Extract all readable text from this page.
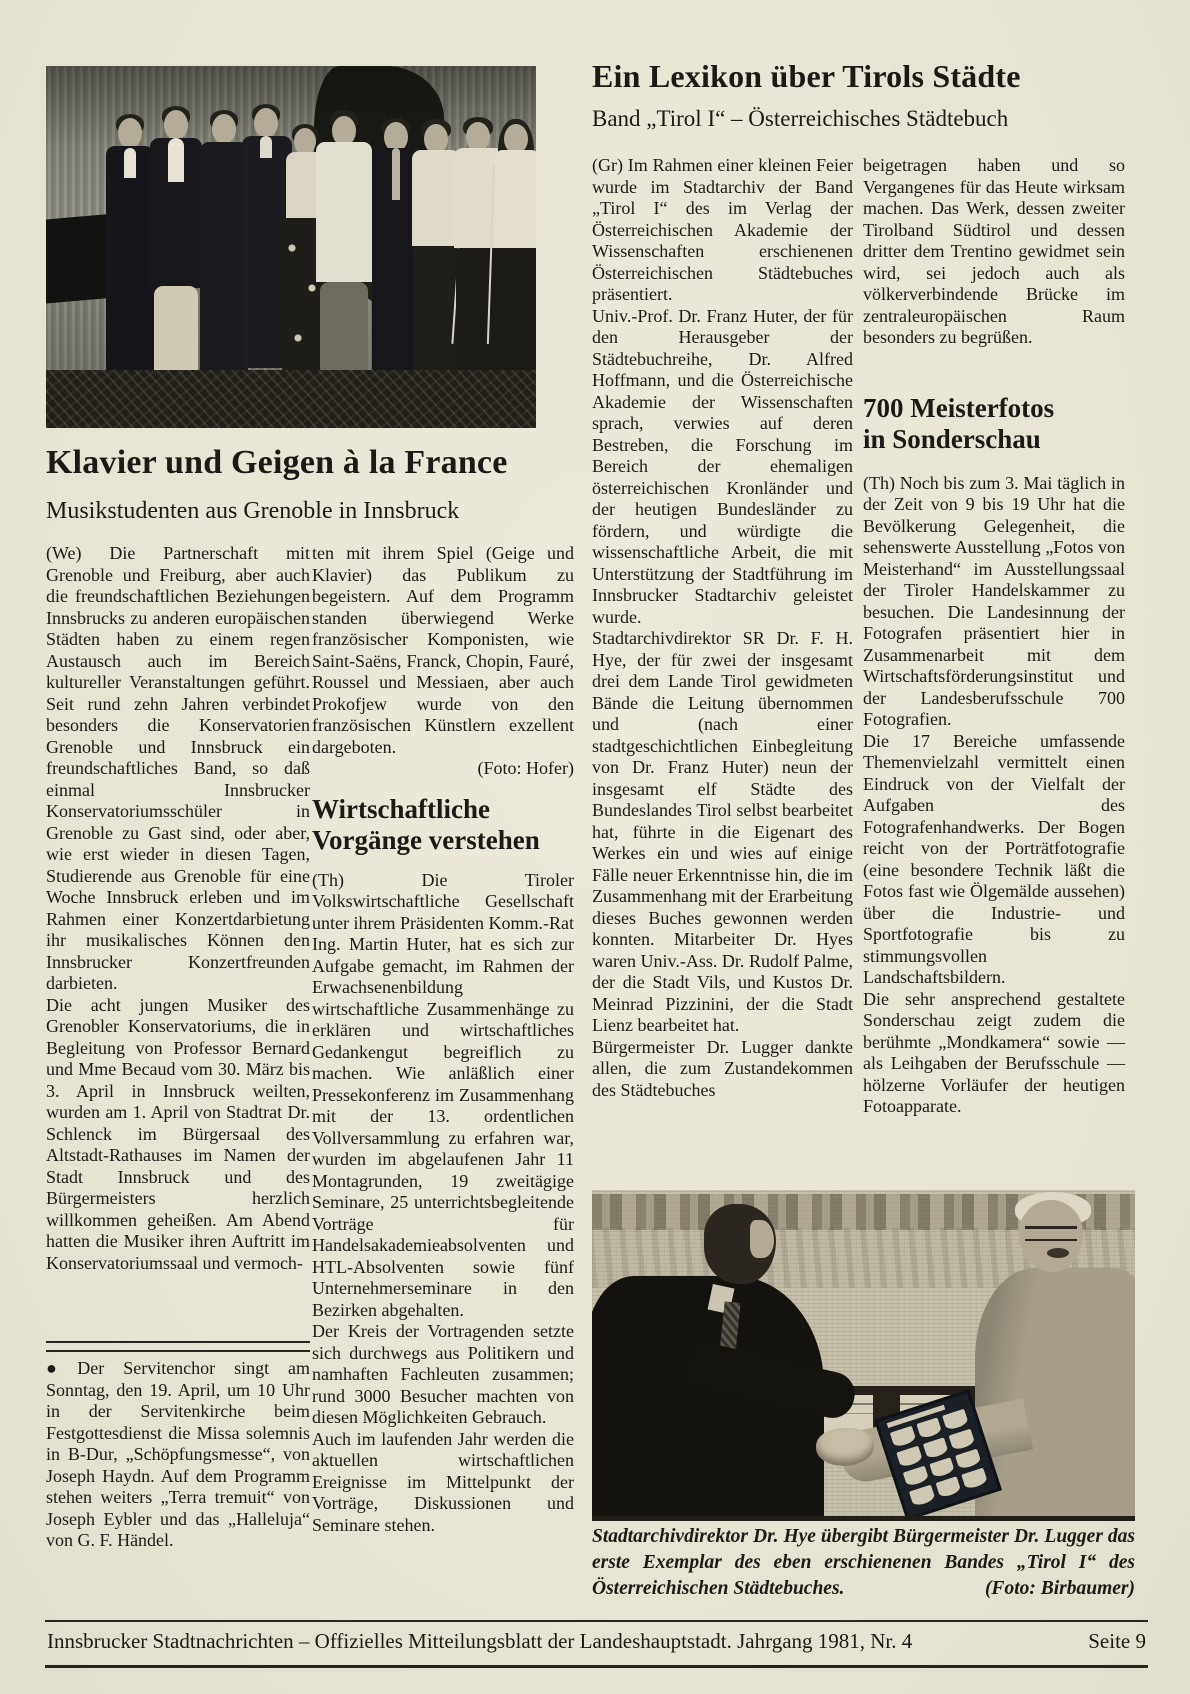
Klavier und Geigen à la France
Musikstudenten aus Grenoble in Innsbruck

(We) Die Partnerschaft mit Grenoble und Freiburg, aber auch die freundschaftlichen Beziehungen Innsbrucks zu anderen europäischen Städten haben zu einem regen Austausch auch im Bereich kultureller Veranstaltungen geführt. Seit rund zehn Jahren verbindet besonders die Konservatorien Grenoble und Innsbruck ein freundschaftliches Band, so daß einmal Innsbrucker Konservatoriumsschüler in Grenoble zu Gast sind, oder aber, wie erst wieder in diesen Tagen, Studierende aus Grenoble für eine Woche Innsbruck erleben und im Rahmen einer Konzertdarbietung ihr musikalisches Können den Innsbrucker Konzertfreunden darbieten.

Die acht jungen Musiker des Grenobler Konservatoriums, die in Begleitung von Professor Bernard und Mme Becaud vom 30. März bis 3. April in Innsbruck weilten, wurden am 1. April von Stadtrat Dr. Schlenck im Bürgersaal des Altstadt-Rathauses im Namen der Stadt Innsbruck und des Bürgermeisters herzlich willkommen geheißen. Am Abend hatten die Musiker ihren Auftritt im Konservatoriumssaal und vermoch-

● Der Servitenchor singt am Sonntag, den 19. April, um 10 Uhr in der Servitenkirche beim Festgottesdienst die Missa solemnis in B-Dur, „Schöpfungsmesse“, von Joseph Haydn. Auf dem Programm stehen weiters „Terra tremuit“ von Joseph Eybler und das „Halleluja“ von G. F. Händel.

ten mit ihrem Spiel (Geige und Klavier) das Publikum zu begeistern. Auf dem Programm standen überwiegend Werke französischer Komponisten, wie Saint-Saëns, Franck, Chopin, Fauré, Roussel und Messiaen, aber auch Prokofjew wurde von den französischen Künstlern exzellent dargeboten.

(Foto: Hofer)

Wirtschaftliche
Vorgänge verstehen

(Th) Die Tiroler Volkswirtschaftliche Gesellschaft unter ihrem Präsidenten Komm.-Rat Ing. Martin Huter, hat es sich zur Aufgabe gemacht, im Rahmen der Erwachsenenbildung wirtschaftliche Zusammenhänge zu erklären und wirtschaftliches Gedankengut begreiflich zu machen. Wie anläßlich einer Pressekonferenz im Zusammenhang mit der 13. ordentlichen Vollversammlung zu erfahren war, wurden im abgelaufenen Jahr 11 Montagrunden, 19 zweitägige Seminare, 25 unterrichtsbegleitende Vorträge für Handelsakademieabsolventen und HTL-Absolventen sowie fünf Unternehmerseminare in den Bezirken abgehalten.

Der Kreis der Vortragenden setzte sich durchwegs aus Politikern und namhaften Fachleuten zusammen; rund 3000 Besucher machten von diesen Möglichkeiten Gebrauch.

Auch im laufenden Jahr werden die aktuellen wirtschaftlichen Ereignisse im Mittelpunkt der Vorträge, Diskussionen und Seminare stehen.

Ein Lexikon über Tirols Städte
Band „Tirol I“ – Österreichisches Städtebuch

(Gr) Im Rahmen einer kleinen Feier wurde im Stadtarchiv der Band „Tirol I“ des im Verlag der Österreichischen Akademie der Wissenschaften erschienenen Österreichischen Städtebuches präsentiert.

Univ.-Prof. Dr. Franz Huter, der für den Herausgeber der Städtebuchreihe, Dr. Alfred Hoffmann, und die Österreichische Akademie der Wissenschaften sprach, verwies auf deren Bestreben, die Forschung im Bereich der ehemaligen österreichischen Kronländer und der heutigen Bundesländer zu fördern, und würdigte die wissenschaftliche Arbeit, die mit Unterstützung der Stadtführung im Innsbrucker Stadtarchiv geleistet wurde.

Stadtarchivdirektor SR Dr. F. H. Hye, der für zwei der insgesamt drei dem Lande Tirol gewidmeten Bände die Leitung übernommen und (nach einer stadtgeschichtlichen Einbegleitung von Dr. Franz Huter) neun der insgesamt elf Städte des Bundeslandes Tirol selbst bearbeitet hat, führte in die Eigenart des Werkes ein und wies auf einige Fälle neuer Erkenntnisse hin, die im Zusammenhang mit der Erarbeitung dieses Buches gewonnen werden konnten. Mitarbeiter Dr. Hyes waren Univ.-Ass. Dr. Rudolf Palme, der die Stadt Vils, und Kustos Dr. Meinrad Pizzinini, der die Stadt Lienz bearbeitet hat.

Bürgermeister Dr. Lugger dankte allen, die zum Zustandekommen des Städtebuches

beigetragen haben und so Vergangenes für das Heute wirksam machen. Das Werk, dessen zweiter Tirolband Südtirol und dessen dritter dem Trentino gewidmet sein wird, sei jedoch auch als völkerverbindende Brücke im zentraleuropäischen Raum besonders zu begrüßen.

700 Meisterfotos
in Sonderschau

(Th) Noch bis zum 3. Mai täglich in der Zeit von 9 bis 19 Uhr hat die Bevölkerung Gelegenheit, die sehenswerte Ausstellung „Fotos von Meisterhand“ im Ausstellungssaal der Tiroler Handelskammer zu besuchen. Die Landesinnung der Fotografen präsentiert hier in Zusammenarbeit mit dem Wirtschaftsförderungsinstitut und der Landesberufsschule 700 Fotografien.

Die 17 Bereiche umfassende Themenvielzahl vermittelt einen Eindruck von der Vielfalt der Aufgaben des Fotografenhandwerks. Der Bogen reicht von der Porträtfotografie (eine besondere Technik läßt die Fotos fast wie Ölgemälde aussehen) über die Industrie- und Sportfotografie bis zu stimmungsvollen Landschaftsbildern.

Die sehr ansprechend gestaltete Sonderschau zeigt zudem die berühmte „Mondkamera“ sowie — als Leihgaben der Berufsschule — hölzerne Vorläufer der heutigen Fotoapparate.

Stadtarchivdirektor Dr. Hye übergibt Bürgermeister Dr. Lugger das erste Exemplar des eben erschienenen Bandes „Tirol I“ des Österreichischen Städtebuches.	(Foto: Birbaumer)
Innsbrucker Stadtnachrichten – Offizielles Mitteilungsblatt der Landeshauptstadt. Jahrgang 1981, Nr. 4	Seite 9
